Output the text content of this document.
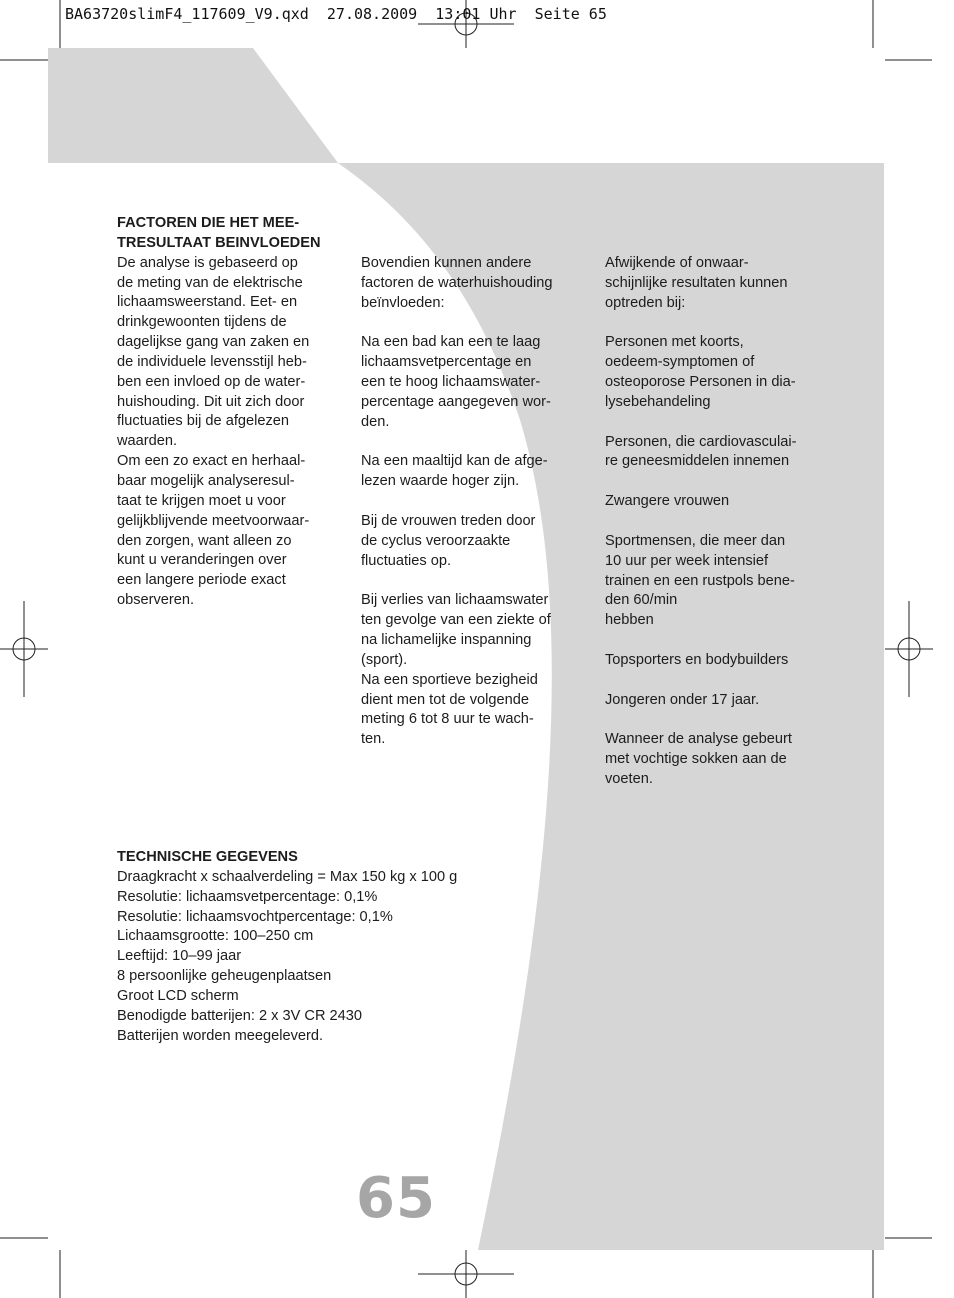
BA63720slimF4_117609_V9.qxd  27.08.2009  13:01 Uhr  Seite 65
FACTOREN DIE HET MEE-
TRESULTAAT BEINVLOEDEN
De analyse is gebaseerd op
de meting van de elektrische
lichaamsweerstand. Eet- en
drinkgewoonten tijdens de
dagelijkse gang van zaken en
de individuele levensstijl heb-
ben een invloed op de water-
huishouding. Dit uit zich door
fluctuaties bij de afgelezen
waarden.
Om een zo exact en herhaal-
baar mogelijk analyseresul-
taat te krijgen moet u voor
gelijkblijvende meetvoorwaar-
den zorgen, want alleen zo
kunt u veranderingen over
een langere periode exact
observeren.
Bovendien kunnen andere
factoren de waterhuishouding
beïnvloeden:
Na een bad kan een te laag
lichaamsvetpercentage en
een te hoog lichaamswater-
percentage aangegeven wor-
den.
Na een maaltijd kan de afge-
lezen waarde hoger zijn.
Bij de vrouwen treden door
de cyclus veroorzaakte
fluctuaties op.
Bij verlies van lichaamswater
ten gevolge van een ziekte of
na lichamelijke inspanning
(sport).
Na een sportieve bezigheid
dient men tot de volgende
meting 6 tot 8 uur te wach-
ten.
Afwijkende of onwaar-
schijnlijke resultaten kunnen
optreden bij:
Personen met koorts,
oedeem-symptomen of
osteoporose Personen in dia-
lysebehandeling
Personen, die cardiovasculai-
re geneesmiddelen innemen
Zwangere vrouwen
Sportmensen, die meer dan
10 uur per week intensief
trainen en een rustpols bene-
den 60/min
hebben
Topsporters en bodybuilders
Jongeren onder 17 jaar.
Wanneer de analyse gebeurt
met vochtige sokken aan de
voeten.
TECHNISCHE GEGEVENS
Draagkracht x schaalverdeling = Max 150 kg x 100 g
Resolutie: lichaamsvetpercentage: 0,1%
Resolutie: lichaamsvochtpercentage: 0,1%
Lichaamsgrootte: 100–250 cm
Leeftijd: 10–99 jaar
8 persoonlijke geheugenplaatsen
Groot LCD scherm
Benodigde batterijen: 2 x 3V CR 2430
Batterijen worden meegeleverd.
65
